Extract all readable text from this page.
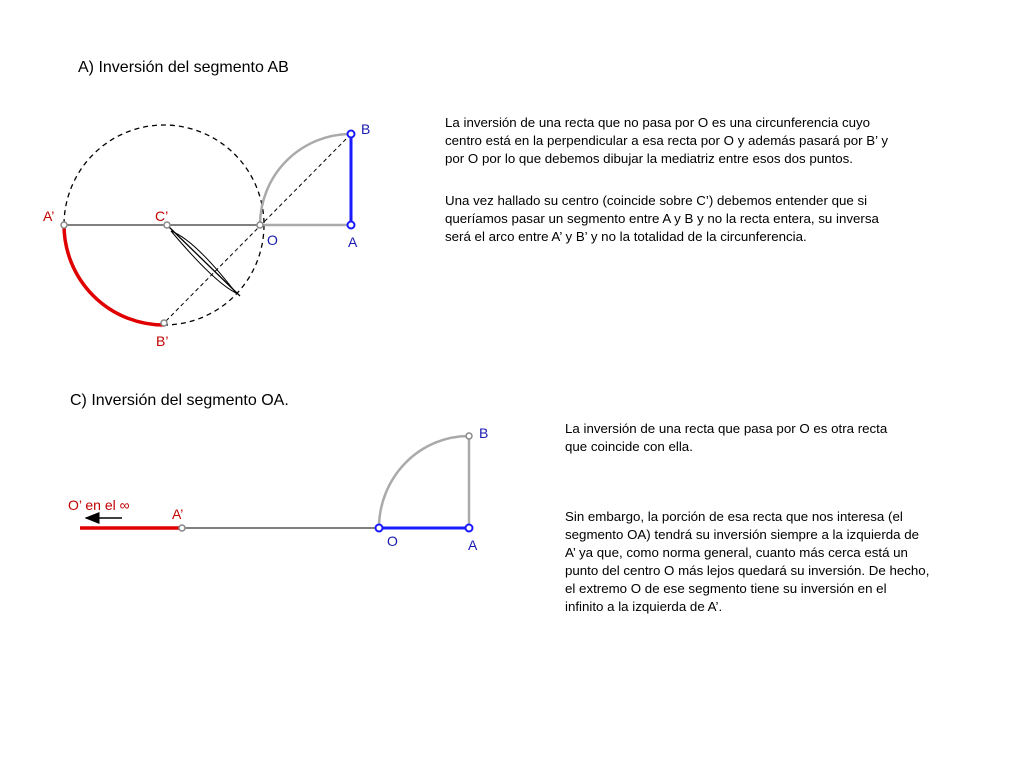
A) Inversión del segmento AB
C) Inversión del segmento OA.
La inversión de una recta que no pasa por O es una circunferencia cuyo
centro está en la perpendicular a esa recta por O y además pasará por B’ y
por O por lo que debemos dibujar la mediatriz entre esos dos puntos.
Una vez hallado su centro (coincide sobre C’) debemos entender que si
queríamos pasar un segmento entre A y B y no la recta entera, su inversa
será el arco entre A’ y B’ y no la totalidad de la circunferencia.
La inversión de una recta que pasa por O es otra recta
que coincide con ella.
Sin embargo, la porción de esa recta que nos interesa (el
segmento OA) tendrá su inversión siempre a la izquierda de
A’ ya que, como norma general, cuanto más cerca está un
punto del centro O más lejos quedará su inversión. De hecho,
el extremo O de ese segmento tiene su inversión en el
infinito a la izquierda de A’.
B
A
O
A’	C’
B’
B
A
O
A’
O’ en el ∞
